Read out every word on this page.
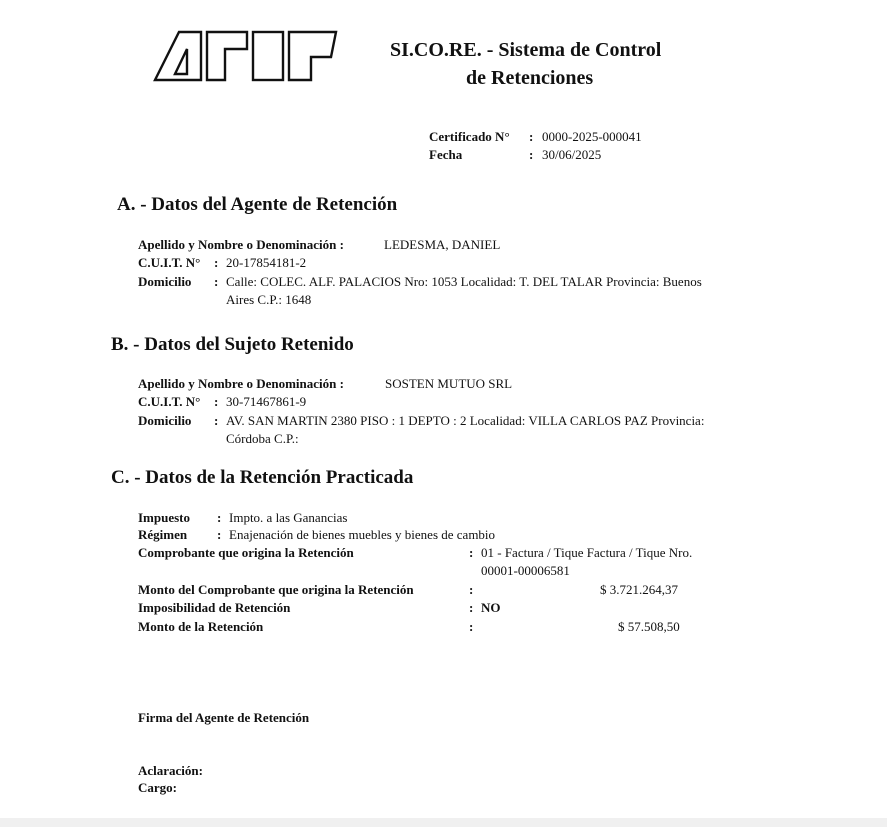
SI.CO.RE. - Sistema de Control
de Retenciones
Certificado N° : 0000-2025-000041
Fecha	: 30/06/2025
A. - Datos del Agente de Retención
Apellido y Nombre o Denominación :	LEDESMA, DANIEL
C.U.I.T. N° : 20-17854181-2
Domicilio : Calle: COLEC. ALF. PALACIOS Nro: 1053 Localidad: T. DEL TALAR Provincia: Buenos
Aires C.P.: 1648
B. - Datos del Sujeto Retenido
Apellido y Nombre o Denominación :	SOSTEN MUTUO SRL
C.U.I.T. N° : 30-71467861-9
Domicilio : AV. SAN MARTIN 2380 PISO : 1 DEPTO : 2 Localidad: VILLA CARLOS PAZ Provincia:
Córdoba C.P.:
C. - Datos de la Retención Practicada
Impuesto : Impto. a las Ganancias
Régimen : Enajenación de bienes muebles y bienes de cambio
Comprobante que origina la Retención	: 01 - Factura / Tique Factura / Tique Nro.
00001-00006581
Monto del Comprobante que origina la Retención	:	$ 3.721.264,37
Imposibilidad de Retención	: NO
Monto de la Retención	:	$ 57.508,50
Firma del Agente de Retención
Aclaración:
Cargo:
